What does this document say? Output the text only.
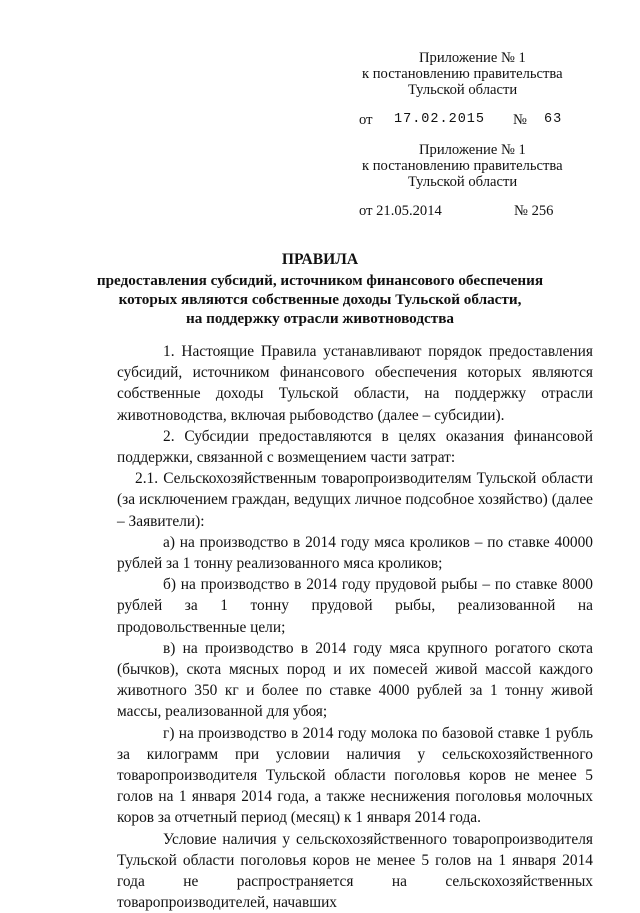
Приложение № 1
к постановлению правительства
Тульской области
от 17.02.2015 № 63
Приложение № 1
к постановлению правительства
Тульской области
от 21.05.2014	№ 256
ПРАВИЛА
предоставления субсидий, источником финансового обеспечения
которых являются собственные доходы Тульской области,
на поддержку отрасли животноводства

1. Настоящие Правила устанавливают порядок предоставления субсидий, источником финансового обеспечения которых являются собственные доходы Тульской области, на поддержку отрасли животноводства, включая рыбоводство (далее – субсидии).

2. Субсидии предоставляются в целях оказания финансовой поддержки, связанной с возмещением части затрат:

2.1. Сельскохозяйственным товаропроизводителям Тульской области (за исключением граждан, ведущих личное подсобное хозяйство) (далее – Заявители):

а) на производство в 2014 году мяса кроликов – по ставке 40000 рублей за 1 тонну реализованного мяса кроликов;

б) на производство в 2014 году прудовой рыбы – по ставке 8000 рублей за 1 тонну прудовой рыбы, реализованной на продовольственные цели;

в) на производство в 2014 году мяса крупного рогатого скота (бычков), скота мясных пород и их помесей живой массой каждого животного 350 кг и более по ставке 4000 рублей за 1 тонну живой массы, реализованной для убоя;

г) на производство в 2014 году молока по базовой ставке 1 рубль за килограмм при условии наличия у сельскохозяйственного товаропроизводителя Тульской области поголовья коров не менее 5 голов на 1 января 2014 года, а также неснижения поголовья молочных коров за отчетный период (месяц) к 1 января 2014 года.

Условие наличия у сельскохозяйственного товаропроизводителя Тульской области поголовья коров не менее 5 голов на 1 января 2014 года не распространяется на сельскохозяйственных товаропроизводителей, начавших
